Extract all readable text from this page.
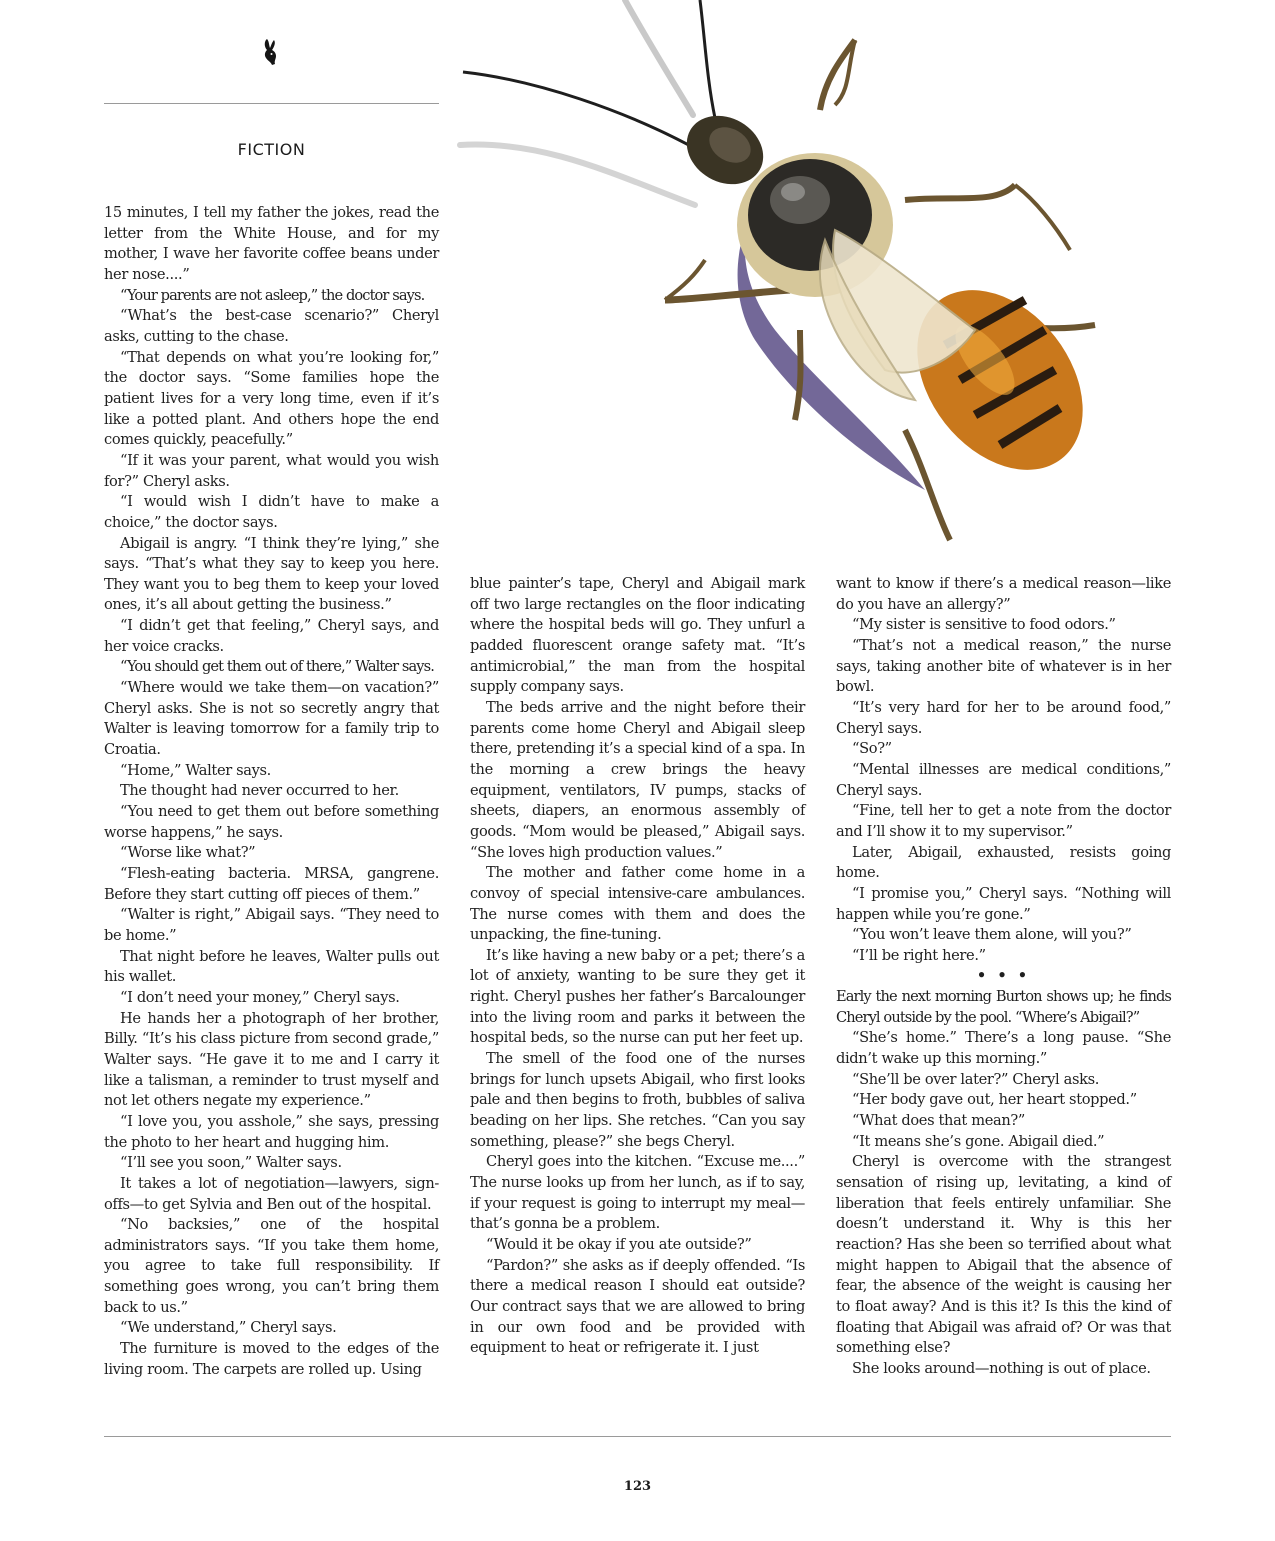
FICTION

15 minutes, I tell my father the jokes, read the letter from the White House, and for my mother, I wave her favorite coffee beans under her nose....”

“Your parents are not asleep,” the doctor says.

“What’s the best-case scenario?” Cheryl asks, cutting to the chase.

“That depends on what you’re looking for,” the doctor says. “Some families hope the patient lives for a very long time, even if it’s like a potted plant. And others hope the end comes quickly, peacefully.”

“If it was your parent, what would you wish for?” Cheryl asks.

“I would wish I didn’t have to make a choice,” the doctor says.

Abigail is angry. “I think they’re lying,” she says. “That’s what they say to keep you here. They want you to beg them to keep your loved ones, it’s all about getting the business.”

“I didn’t get that feeling,” Cheryl says, and her voice cracks.

“You should get them out of there,” Walter says.

“Where would we take them—on vacation?” Cheryl asks. She is not so secretly angry that Walter is leaving tomorrow for a family trip to Croatia.

“Home,” Walter says.

The thought had never occurred to her.

“You need to get them out before something worse happens,” he says.

“Worse like what?”

“Flesh-eating bacteria. MRSA, gangrene. Before they start cutting off pieces of them.”

“Walter is right,” Abigail says. “They need to be home.”

That night before he leaves, Walter pulls out his wallet.

“I don’t need your money,” Cheryl says.

He hands her a photograph of her brother, Billy. “It’s his class picture from second grade,” Walter says. “He gave it to me and I carry it like a talisman, a reminder to trust myself and not let others negate my experience.”

“I love you, you asshole,” she says, pressing the photo to her heart and hugging him.

“I’ll see you soon,” Walter says.

It takes a lot of negotiation—lawyers, sign-offs—to get Sylvia and Ben out of the hospital.

“No backsies,” one of the hospital administrators says. “If you take them home, you agree to take full responsibility. If something goes wrong, you can’t bring them back to us.”

“We understand,” Cheryl says.

The furniture is moved to the edges of the living room. The carpets are rolled up. Using

blue painter’s tape, Cheryl and Abigail mark off two large rectangles on the floor indicating where the hospital beds will go. They unfurl a padded fluorescent orange safety mat. “It’s antimicrobial,” the man from the hospital supply company says.

The beds arrive and the night before their parents come home Cheryl and Abigail sleep there, pretending it’s a special kind of a spa. In the morning a crew brings the heavy equipment, ventilators, IV pumps, stacks of sheets, diapers, an enormous assembly of goods. “Mom would be pleased,” Abigail says. “She loves high production values.”

The mother and father come home in a convoy of special intensive-care ambulances. The nurse comes with them and does the unpacking, the fine-tuning.

It’s like having a new baby or a pet; there’s a lot of anxiety, wanting to be sure they get it right. Cheryl pushes her father’s Barcalounger into the living room and parks it between the hospital beds, so the nurse can put her feet up.

The smell of the food one of the nurses brings for lunch upsets Abigail, who first looks pale and then begins to froth, bubbles of saliva beading on her lips. She retches. “Can you say something, please?” she begs Cheryl.

Cheryl goes into the kitchen. “Excuse me....” The nurse looks up from her lunch, as if to say, if your request is going to interrupt my meal—that’s gonna be a problem.

“Would it be okay if you ate outside?”

“Pardon?” she asks as if deeply offended. “Is there a medical reason I should eat outside? Our contract says that we are allowed to bring in our own food and be provided with equipment to heat or refrigerate it. I just

want to know if there’s a medical reason—like do you have an allergy?”

“My sister is sensitive to food odors.”

“That’s not a medical reason,” the nurse says, taking another bite of whatever is in her bowl.

“It’s very hard for her to be around food,” Cheryl says.

“So?”

“Mental illnesses are medical conditions,” Cheryl says.

“Fine, tell her to get a note from the doctor and I’ll show it to my supervisor.”

Later, Abigail, exhausted, resists going home.

“I promise you,” Cheryl says. “Nothing will happen while you’re gone.”

“You won’t leave them alone, will you?”

“I’ll be right here.”

• • •

Early the next morning Burton shows up; he finds Cheryl outside by the pool. “Where’s Abigail?”

“She’s home.” There’s a long pause. “She didn’t wake up this morning.”

“She’ll be over later?” Cheryl asks.

“Her body gave out, her heart stopped.”

“What does that mean?”

“It means she’s gone. Abigail died.”

Cheryl is overcome with the strangest sensation of rising up, levitating, a kind of liberation that feels entirely unfamiliar. She doesn’t understand it. Why is this her reaction? Has she been so terrified about what might happen to Abigail that the absence of fear, the absence of the weight is causing her to float away? And is this it? Is this the kind of floating that Abigail was afraid of? Or was that something else?

She looks around—nothing is out of place.

123
